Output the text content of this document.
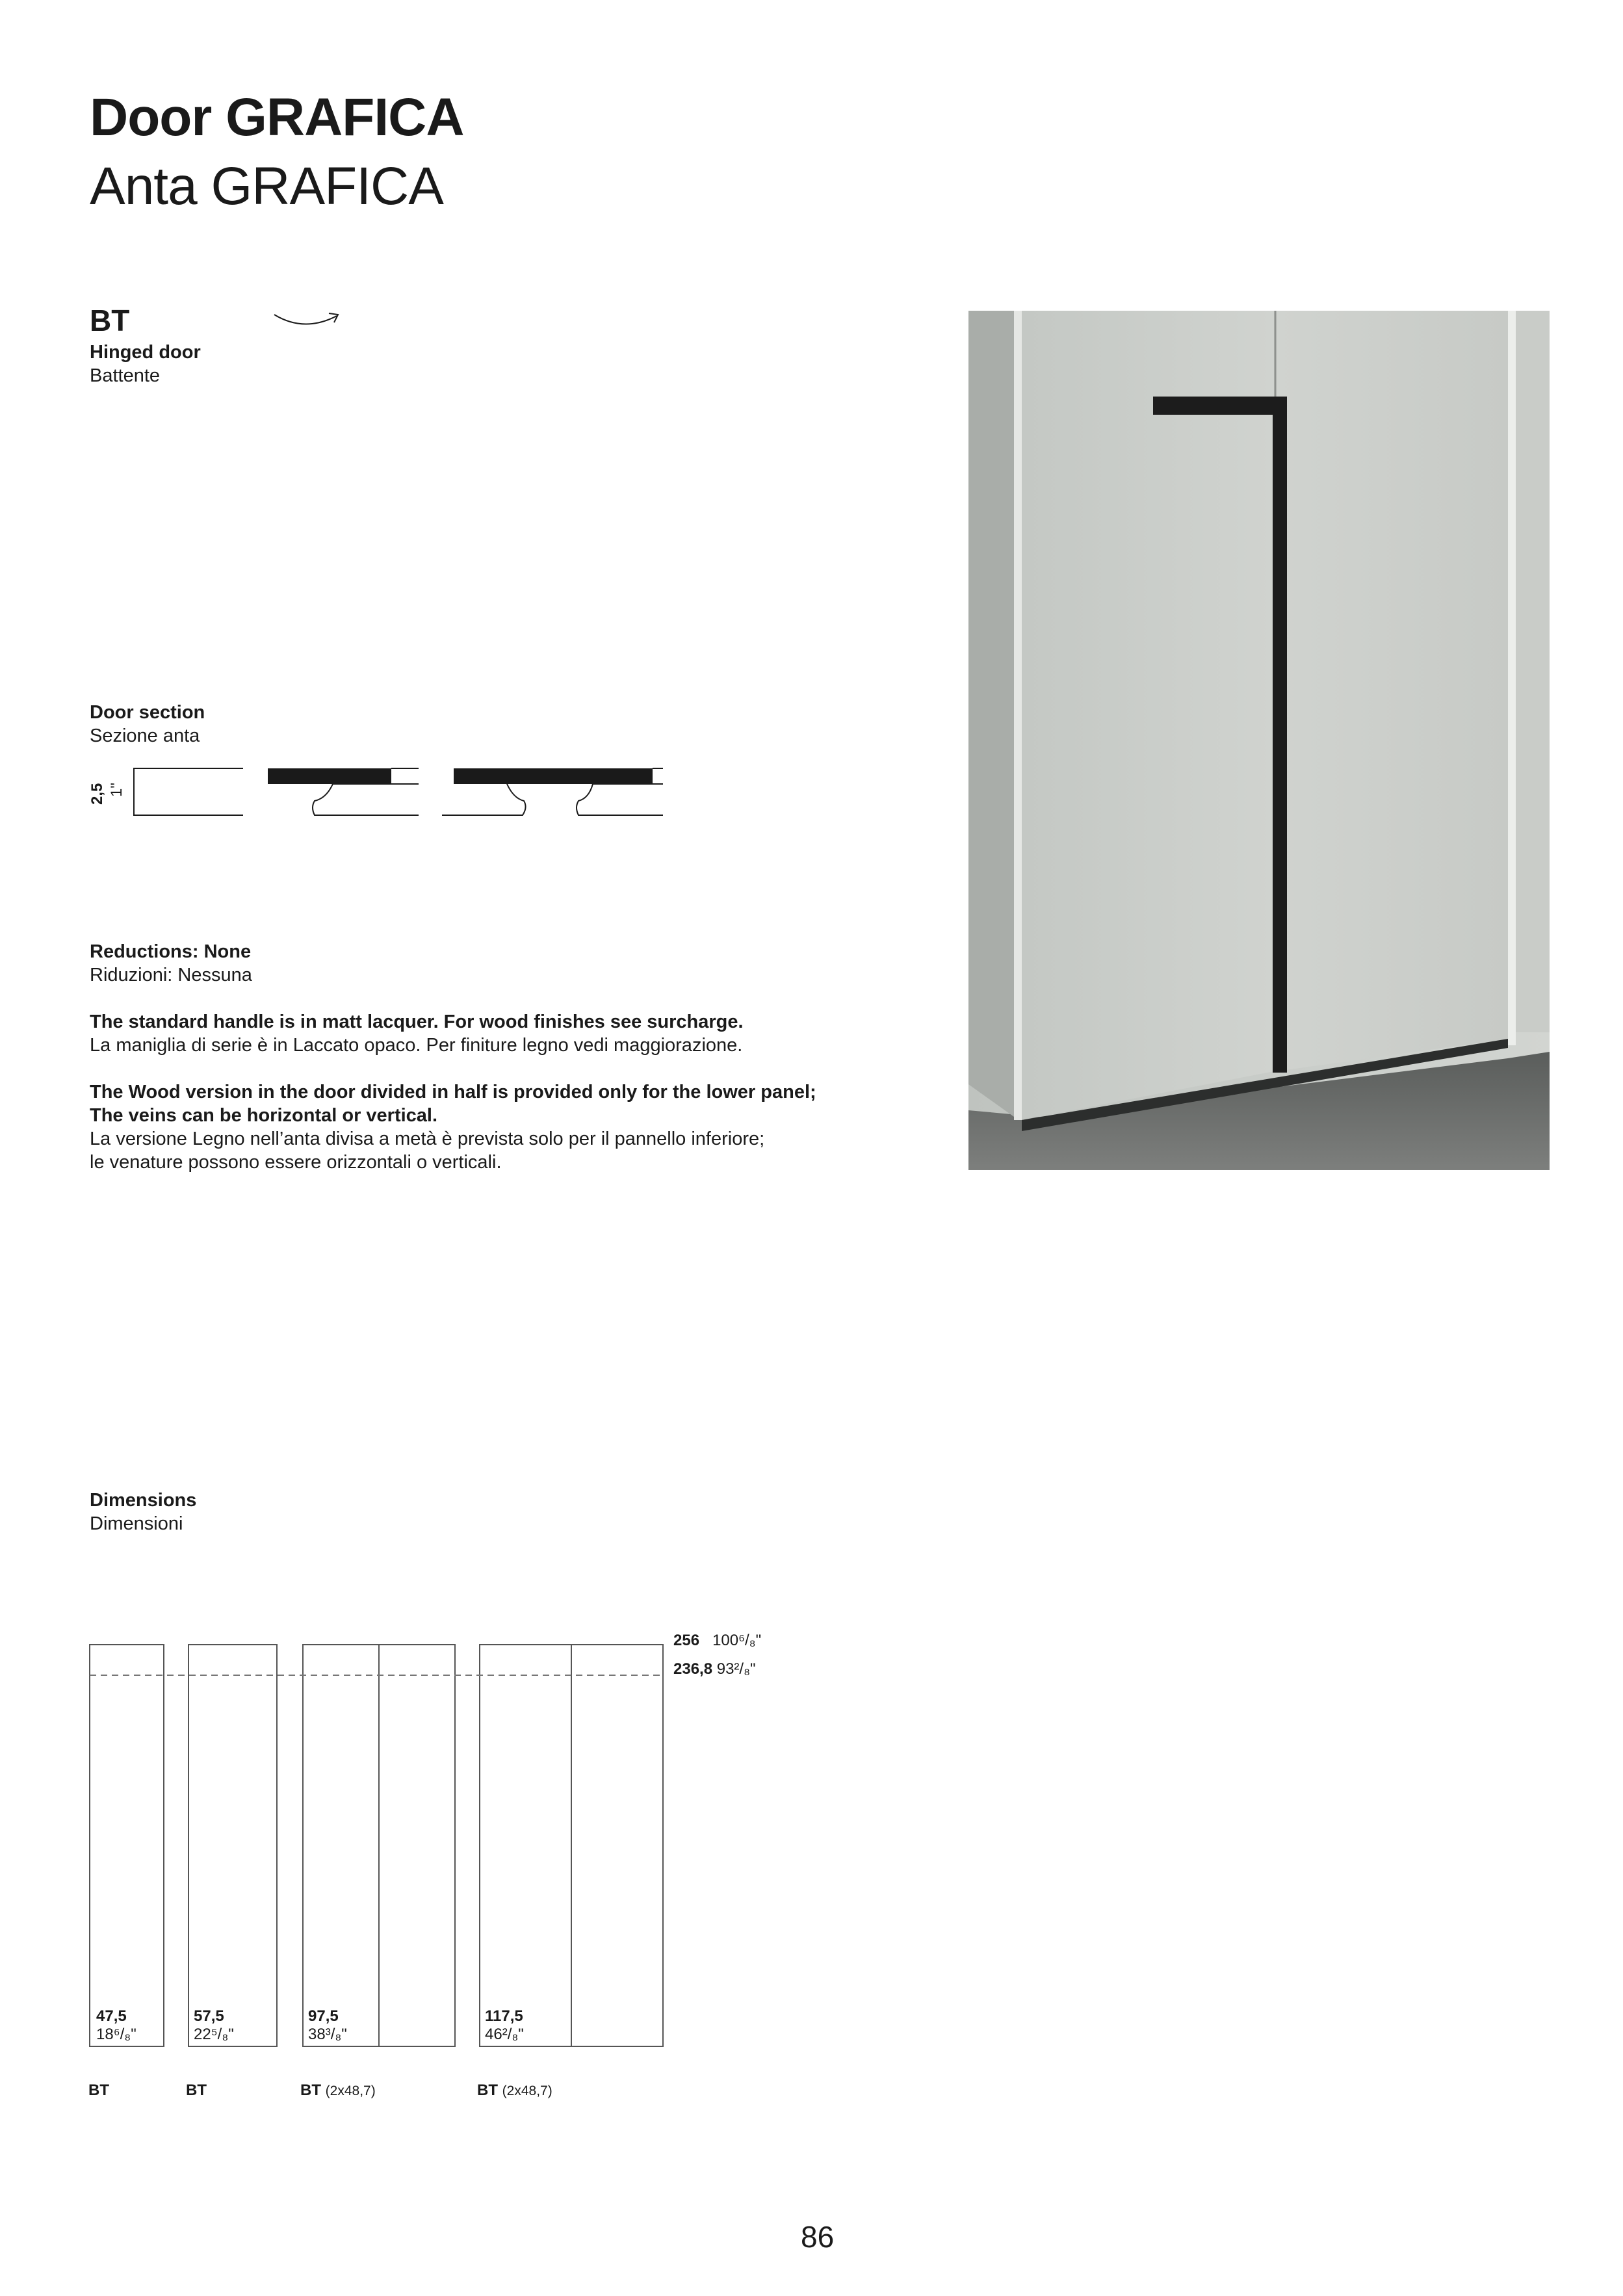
Door GRAFICA
Anta GRAFICA
BT
Hinged door
Battente
Door section
Sezione anta
2,5 1"
Reductions: None
Riduzioni: Nessuna
The standard handle is in matt lacquer. For wood finishes see surcharge.
La maniglia di serie è in Laccato opaco. Per finiture legno vedi maggiorazione.
The Wood version in the door divided in half is provided only for the lower panel;
The veins can be horizontal or vertical.
La versione Legno nell’anta divisa a metà è prevista solo per il pannello inferiore;
le venature possono essere orizzontali o verticali.
Dimensions
Dimensioni
256 100⁶/₈"
236,8 93²/₈"
47,5
18⁶/₈"
57,5
22⁵/₈"
97,5
38³/₈"
117,5
46²/₈"
BT	BT	BT (2x48,7)	BT (2x48,7)
86
